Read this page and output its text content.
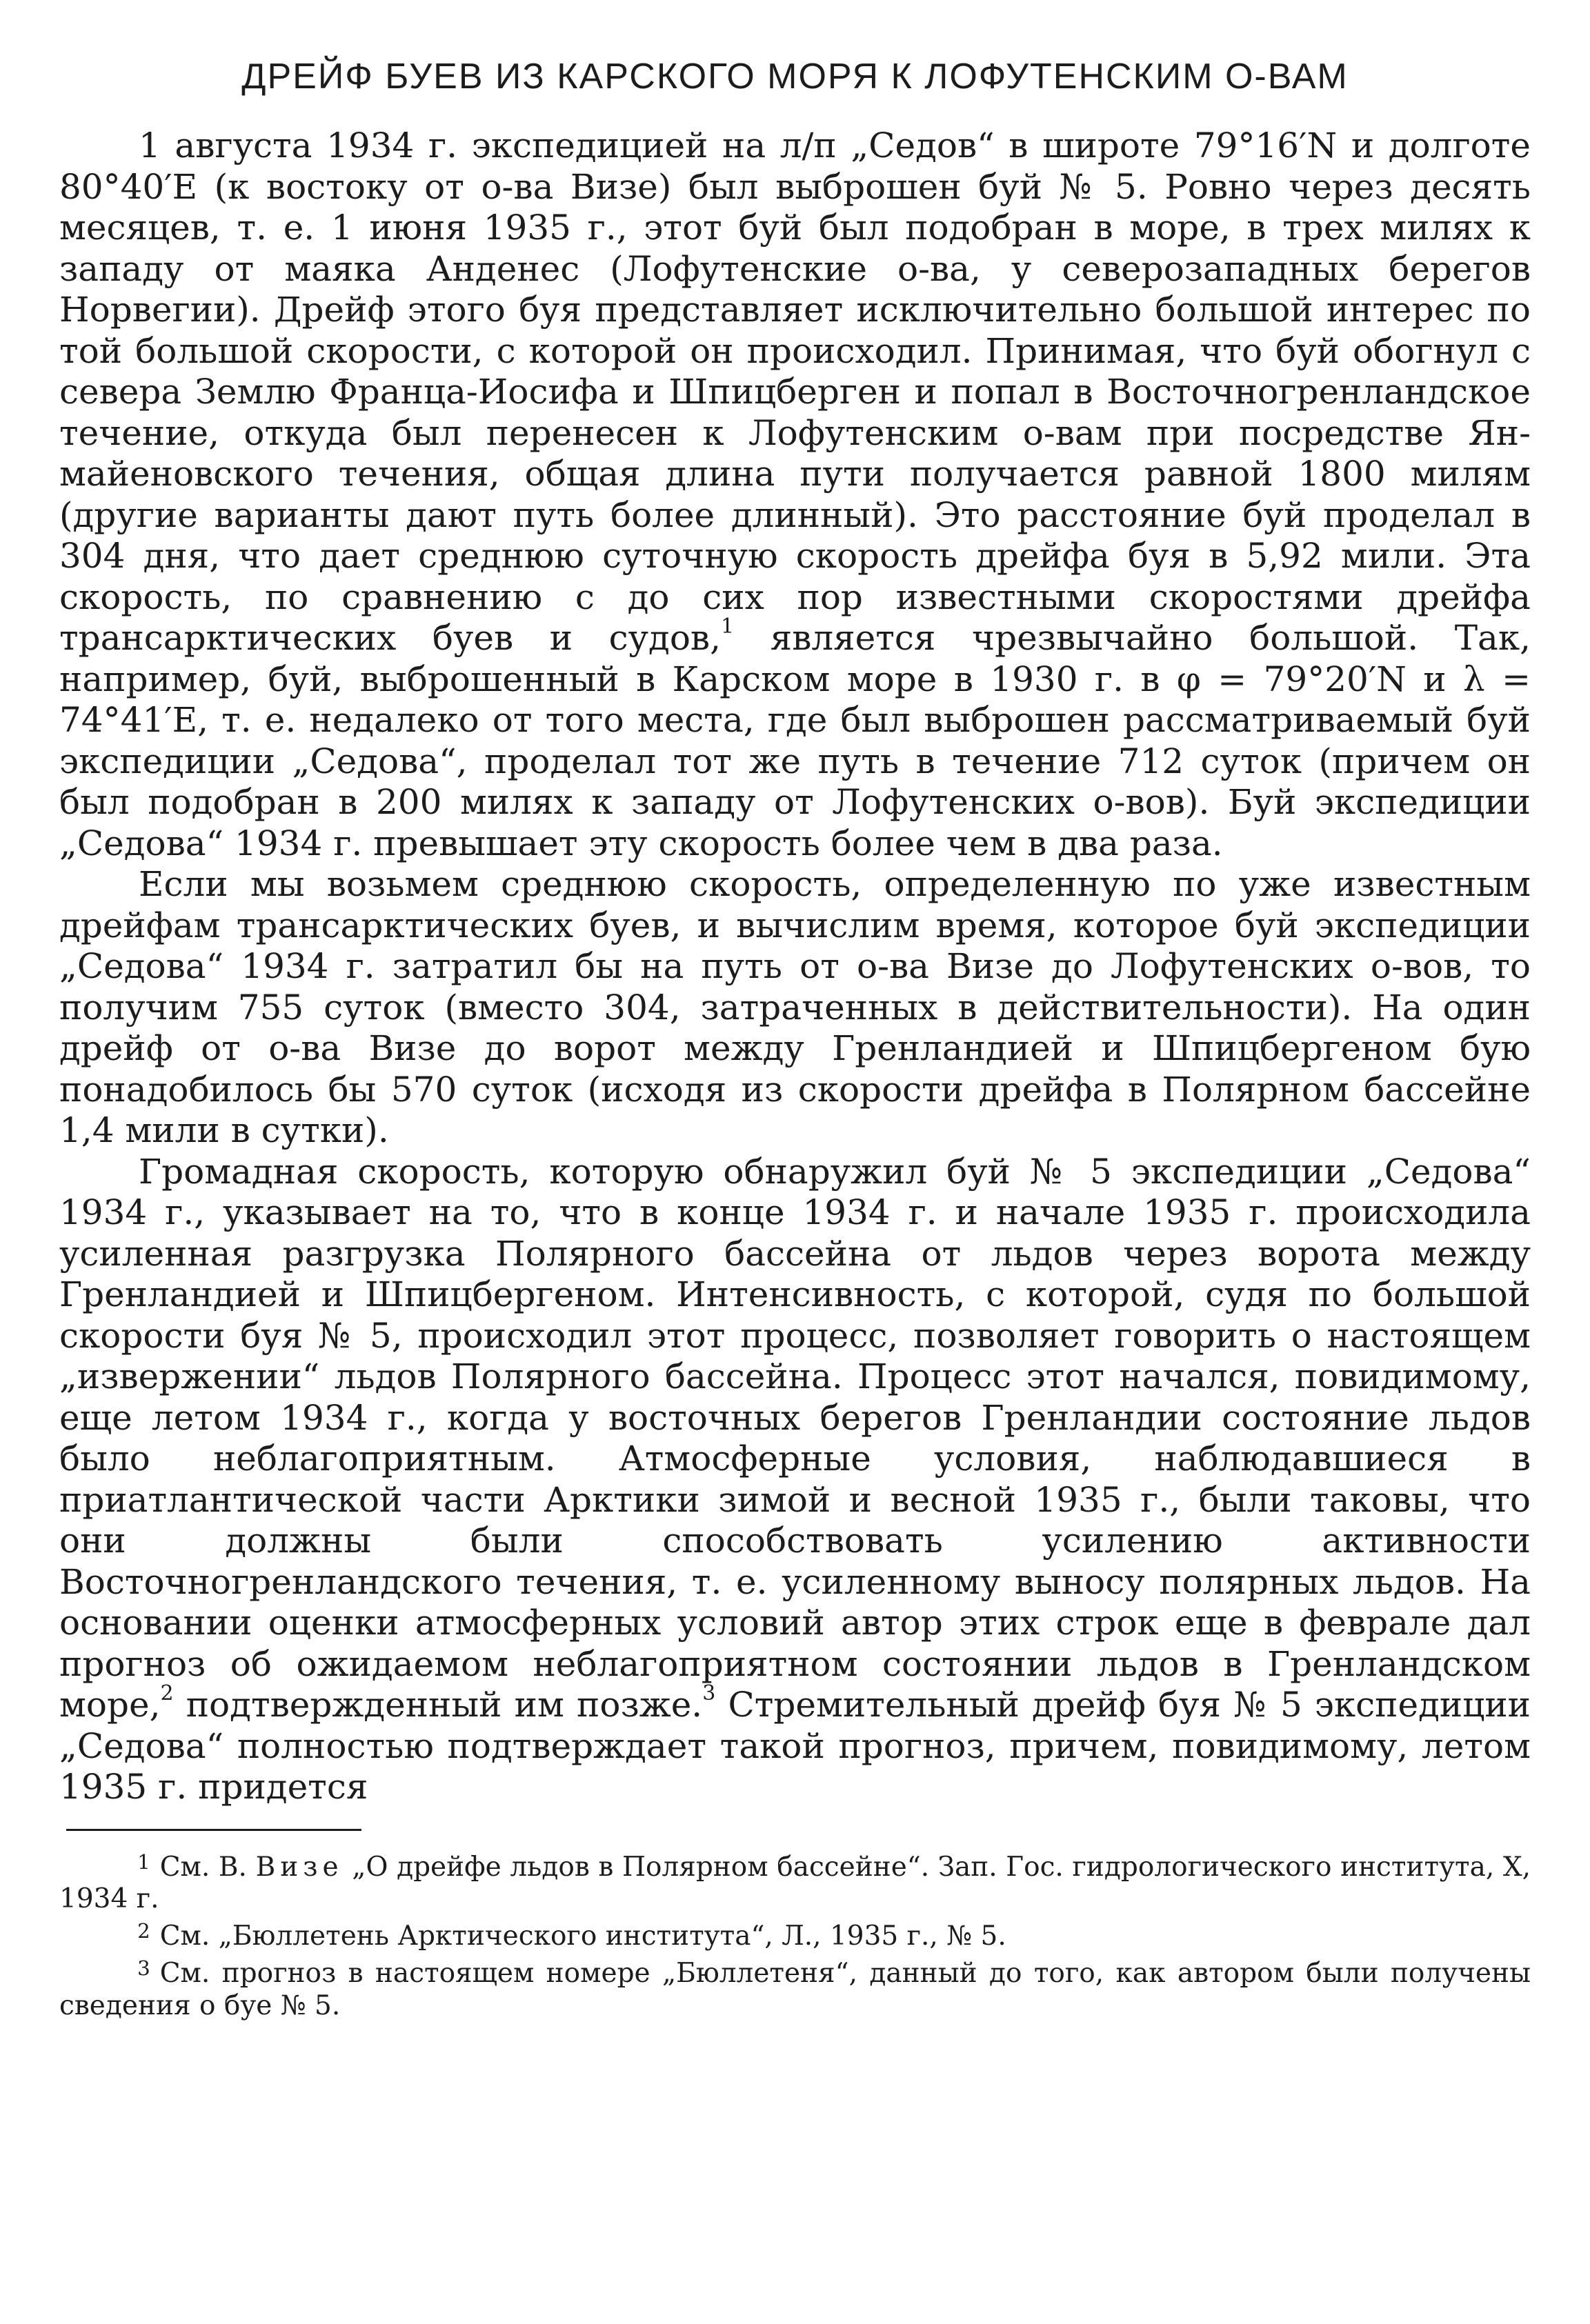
ДРЕЙФ БУЕВ ИЗ КАРСКОГО МОРЯ К ЛОФУТЕНСКИМ О-ВАМ

1 августа 1934 г. экспедицией на л/п „Седов“ в широте 79°16′N и долготе 80°40′E (к востоку от о-ва Визе) был выброшен буй № 5. Ровно через десять месяцев, т. е. 1 июня 1935 г., этот буй был подобран в море, в трех милях к западу от маяка Анденес (Лофутенские о-ва, у северозападных берегов Норвегии). Дрейф этого буя представляет исключительно большой интерес по той большой скорости, с которой он происходил. Принимая, что буй обогнул с севера Землю Франца-Иосифа и Шпицберген и попал в Восточногренландское течение, откуда был перенесен к Лофутенским о-вам при посредстве Ян-майеновского течения, общая длина пути получается равной 1800 милям (другие варианты дают путь более длинный). Это расстояние буй проделал в 304 дня, что дает среднюю суточную скорость дрейфа буя в 5,92 мили. Эта скорость, по сравнению с до сих пор известными скоростями дрейфа трансарктических буев и судов,$^1$ является чрезвычайно большой. Так, например, буй, выброшенный в Карском море в 1930 г. в φ = 79°20′N и λ = 74°41′E, т. е. недалеко от того места, где был выброшен рассматриваемый буй экспедиции „Седова“, проделал тот же путь в течение 712 суток (причем он был подобран в 200 милях к западу от Лофутенских о-вов). Буй экспедиции „Седова“ 1934 г. превышает эту скорость более чем в два раза.

Если мы возьмем среднюю скорость, определенную по уже известным дрейфам трансарктических буев, и вычислим время, которое буй экспедиции „Седова“ 1934 г. затратил бы на путь от о-ва Визе до Лофутенских о-вов, то получим 755 суток (вместо 304, затраченных в действительности). На один дрейф от о-ва Визе до ворот между Гренландией и Шпицбергеном бую понадобилось бы 570 суток (исходя из скорости дрейфа в Полярном бассейне 1,4 мили в сутки).

Громадная скорость, которую обнаружил буй № 5 экспедиции „Седова“ 1934 г., указывает на то, что в конце 1934 г. и начале 1935 г. происходила усиленная разгрузка Полярного бассейна от льдов через ворота между Гренландией и Шпицбергеном. Интенсивность, с которой, судя по большой скорости буя № 5, происходил этот процесс, позволяет говорить о настоящем „извержении“ льдов Полярного бассейна. Процесс этот начался, повидимому, еще летом 1934 г., когда у восточных берегов Гренландии состояние льдов было неблагоприятным. Атмосферные условия, наблюдавшиеся в приатлантической части Арктики зимой и весной 1935 г., были таковы, что они должны были способствовать усилению активности Восточногренландского течения, т. е. усиленному выносу полярных льдов. На основании оценки атмосферных условий автор этих строк еще в феврале дал прогноз об ожидаемом неблагоприятном состоянии льдов в Гренландском море,$^2$ подтвержденный им позже.$^3$ Стремительный дрейф буя № 5 экспедиции „Седова“ полностью подтверждает такой прогноз, причем, повидимому, летом 1935 г. придется

$^1$ См. В. Визе „О дрейфе льдов в Полярном бассейне“. Зап. Гос. гидрологического института, X, 1934 г.

$^2$ См. „Бюллетень Арктического института“, Л., 1935 г., № 5.

$^3$ См. прогноз в настоящем номере „Бюллетеня“, данный до того, как автором были получены сведения о буе № 5.
